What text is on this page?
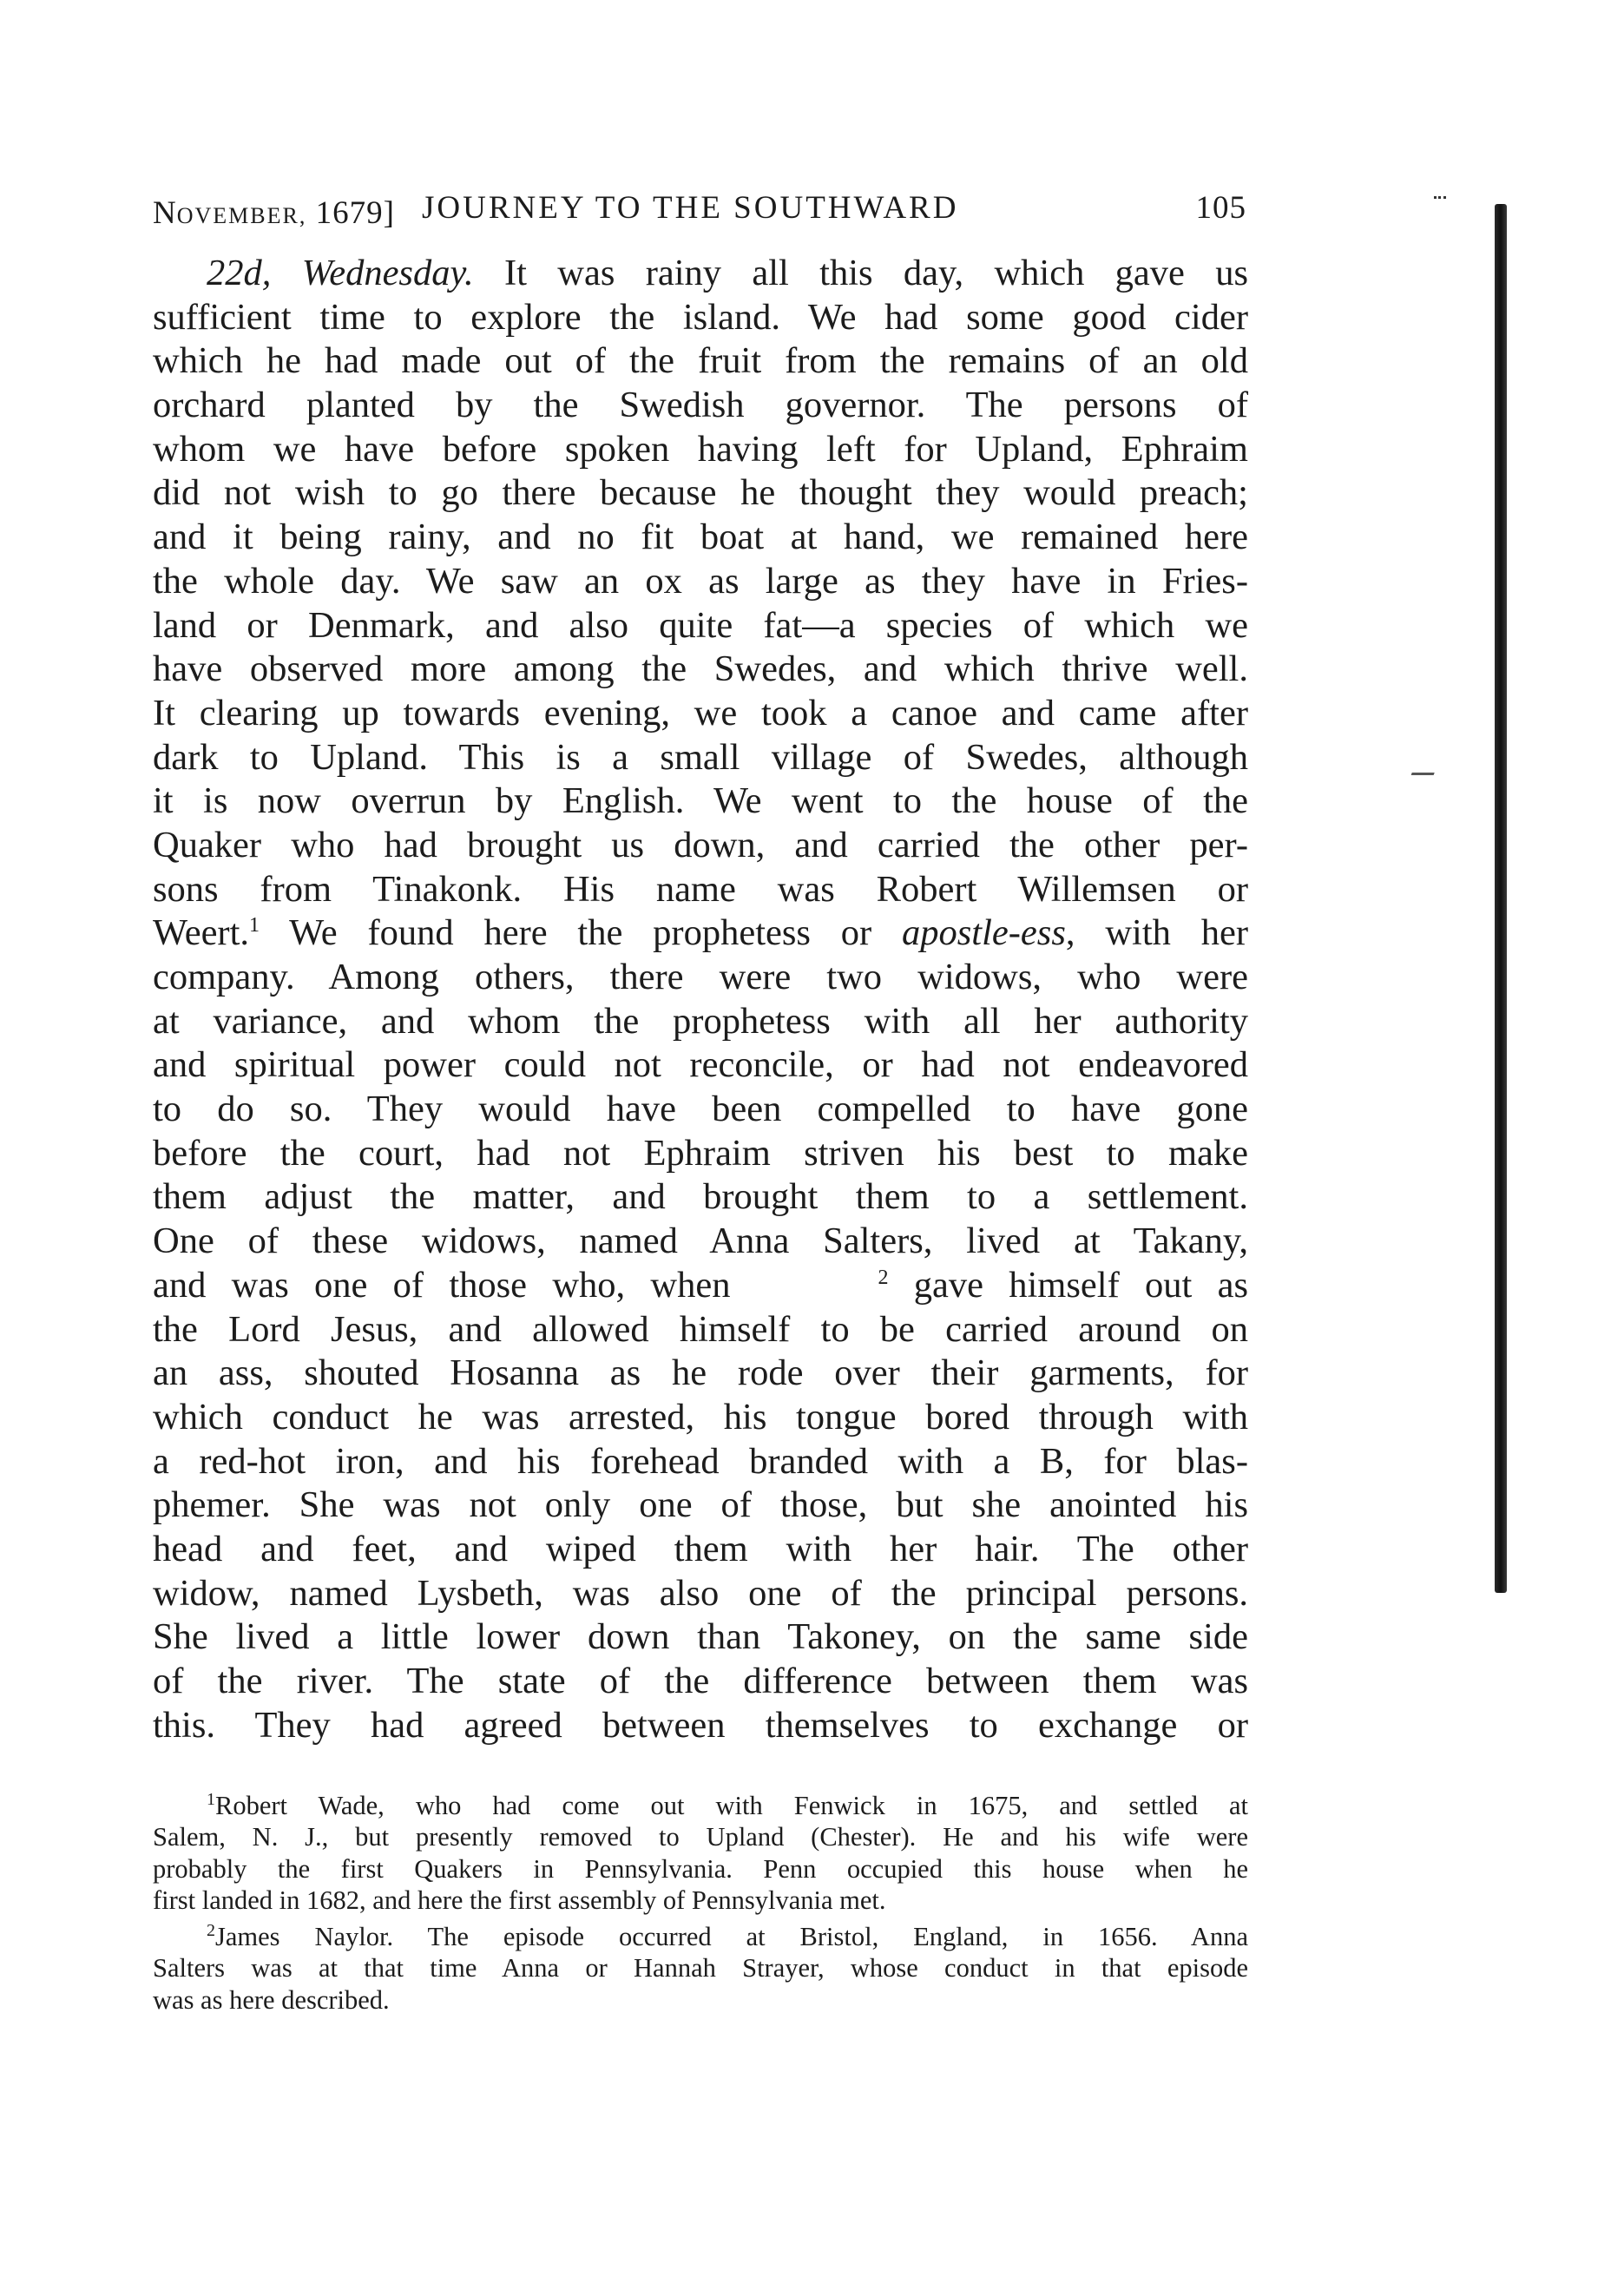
NOVEMBER, 1679] JOURNEY TO THE SOUTHWARD	105
22d, Wednesday. It was rainy all this day, which gave us
sufficient time to explore the island. We had some good cider
which he had made out of the fruit from the remains of an old
orchard planted by the Swedish governor. The persons of
whom we have before spoken having left for Upland, Ephraim
did not wish to go there because he thought they would preach;
and it being rainy, and no fit boat at hand, we remained here
the whole day. We saw an ox as large as they have in Fries-
land or Denmark, and also quite fat—a species of which we
have observed more among the Swedes, and which thrive well.
It clearing up towards evening, we took a canoe and came after
dark to Upland. This is a small village of Swedes, although
it is now overrun by English. We went to the house of the
Quaker who had brought us down, and carried the other per-
sons from Tinakonk. His name was Robert Willemsen or
Weert.$^1$ We found here the prophetess or apostle-ess, with her
company. Among others, there were two widows, who were
at variance, and whom the prophetess with all her authority
and spiritual power could not reconcile, or had not endeavored
to do so. They would have been compelled to have gone
before the court, had not Ephraim striven his best to make
them adjust the matter, and brought them to a settlement.
One of these widows, named Anna Salters, lived at Takany,
and was one of those who, when	$^2$ gave himself out as
the Lord Jesus, and allowed himself to be carried around on
an ass, shouted Hosanna as he rode over their garments, for
which conduct he was arrested, his tongue bored through with
a red-hot iron, and his forehead branded with a B, for blas-
phemer. She was not only one of those, but she anointed his
head and feet, and wiped them with her hair. The other
widow, named Lysbeth, was also one of the principal persons.
She lived a little lower down than Takoney, on the same side
of the river. The state of the difference between them was
this. They had agreed between themselves to exchange or
$^1$Robert Wade, who had come out with Fenwick in 1675, and settled at
Salem, N. J., but presently removed to Upland (Chester). He and his wife were
probably the first Quakers in Pennsylvania. Penn occupied this house when he
first landed in 1682, and here the first assembly of Pennsylvania met.
$^2$James Naylor. The episode occurred at Bristol, England, in 1656. Anna
Salters was at that time Anna or Hannah Strayer, whose conduct in that episode
was as here described.
